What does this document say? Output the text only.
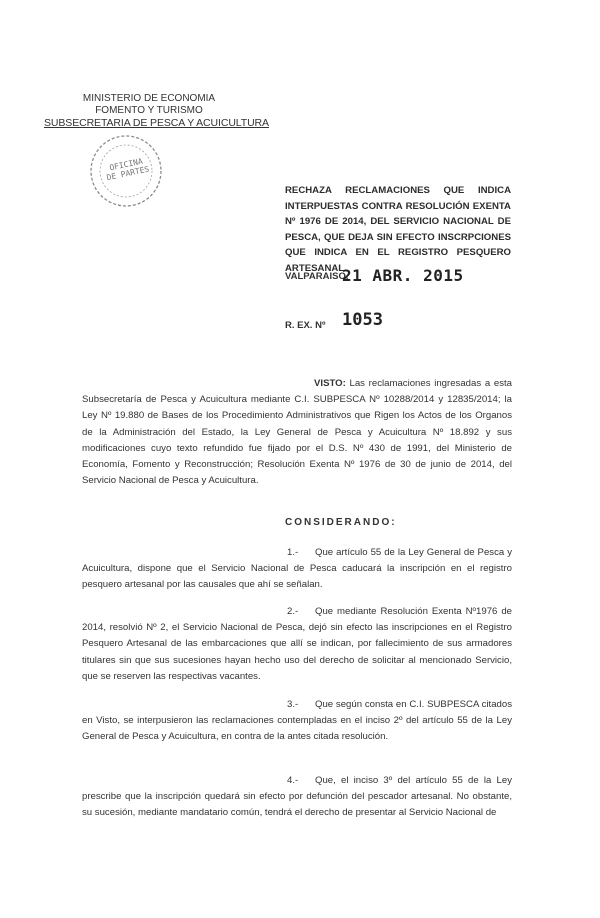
MINISTERIO DE ECONOMIA
FOMENTO Y TURISMO
SUBSECRETARIA DE PESCA Y ACUICULTURA
OFICINA DE PARTES
RECHAZA RECLAMACIONES QUE INDICA INTERPUESTAS CONTRA RESOLUCIÓN EXENTA Nº 1976 DE 2014, DEL SERVICIO NACIONAL DE PESCA, QUE DEJA SIN EFECTO INSCRPCIONES QUE INDICA EN EL REGISTRO PESQUERO ARTESANAL.
VALPARAISO,
21 ABR. 2015
R. EX. Nº 1053
VISTO: Las reclamaciones ingresadas a esta Subsecretaría de Pesca y Acuicultura mediante C.I. SUBPESCA Nº 10288/2014 y 12835/2014; la Ley Nº 19.880 de Bases de los Procedimiento Administrativos que Rigen los Actos de los Organos de la Administración del Estado, la Ley General de Pesca y Acuicultura Nº 18.892 y sus modificaciones cuyo texto refundido fue fijado por el D.S. Nº 430 de 1991, del Ministerio de Economía, Fomento y Reconstrucción; Resolución Exenta Nº 1976 de 30 de junio de 2014, del Servicio Nacional de Pesca y Acuicultura.
CONSIDERANDO:
1.- Que artículo 55 de la Ley General de Pesca y Acuicultura, dispone que el Servicio Nacional de Pesca caducará la inscripción en el registro pesquero artesanal por las causales que ahí se señalan.
2.- Que mediante Resolución Exenta Nº1976 de 2014, resolvió Nº 2, el Servicio Nacional de Pesca, dejó sin efecto las inscripciones en el Registro Pesquero Artesanal de las embarcaciones que allí se indican, por fallecimiento de sus armadores titulares sin que sus sucesiones hayan hecho uso del derecho de solicitar al mencionado Servicio, que se reserven las respectivas vacantes.
3.- Que según consta en C.I. SUBPESCA citados en Visto, se interpusieron las reclamaciones contempladas en el inciso 2º del artículo 55 de la Ley General de Pesca y Acuicultura, en contra de la antes citada resolución.
4.- Que, el inciso 3º del artículo 55 de la Ley prescribe que la inscripción quedará sin efecto por defunción del pescador artesanal. No obstante, su sucesión, mediante mandatario común, tendrá el derecho de presentar al Servicio Nacional de
